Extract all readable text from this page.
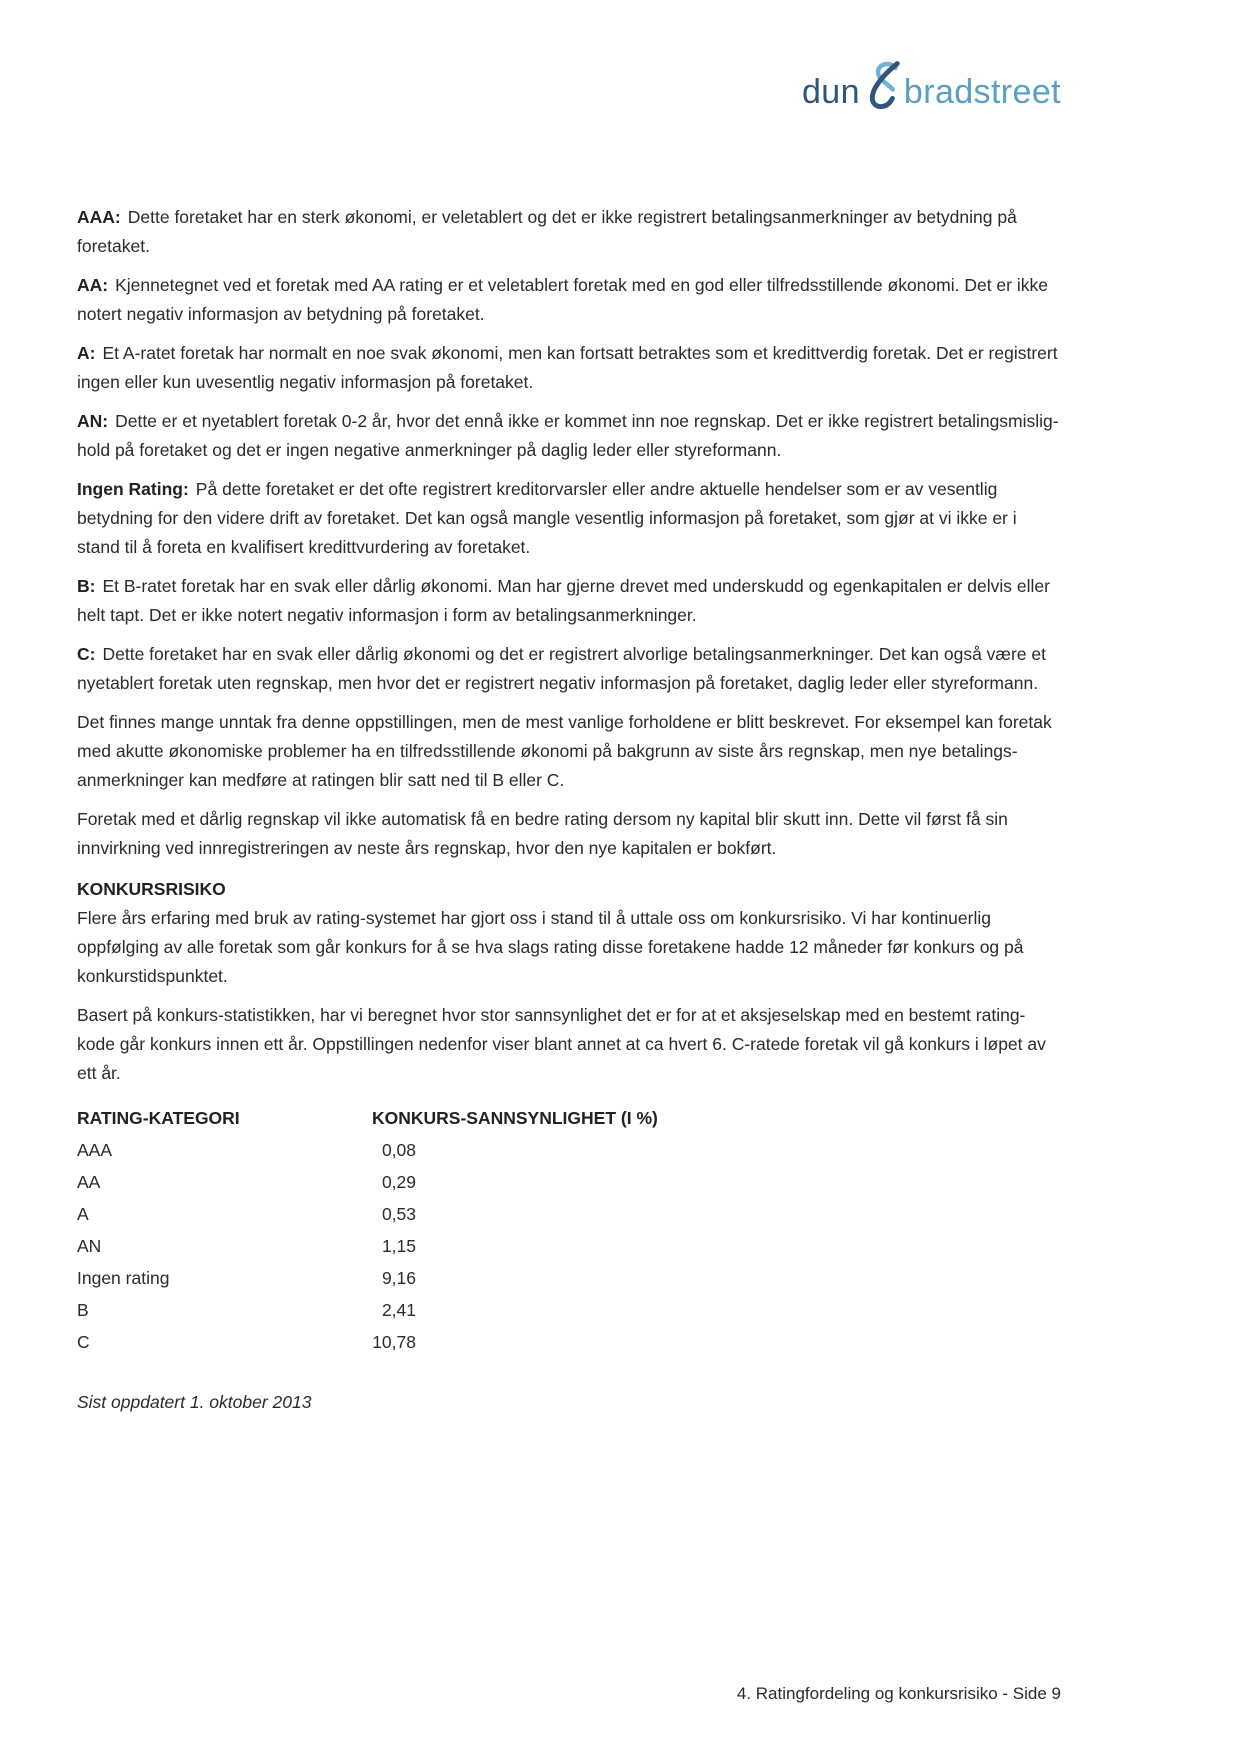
dun bradstreet

AAA: Dette foretaket har en sterk økonomi, er veletablert og det er ikke registrert betalingsanmerkninger av betydning på foretaket.

AA: Kjennetegnet ved et foretak med AA rating er et veletablert foretak med en god eller tilfredsstillende økonomi. Det er ikke notert negativ informasjon av betydning på foretaket.

A: Et A-ratet foretak har normalt en noe svak økonomi, men kan fortsatt betraktes som et kredittverdig foretak. Det er registrert ingen eller kun uvesentlig negativ informasjon på foretaket.

AN: Dette er et nyetablert foretak 0-2 år, hvor det ennå ikke er kommet inn noe regnskap. Det er ikke registrert betalingsmislig- hold på foretaket og det er ingen negative anmerkninger på daglig leder eller styreformann.

Ingen Rating: På dette foretaket er det ofte registrert kreditorvarsler eller andre aktuelle hendelser som er av vesentlig betydning for den videre drift av foretaket. Det kan også mangle vesentlig informasjon på foretaket, som gjør at vi ikke er i stand til å foreta en kvalifisert kredittvurdering av foretaket.

B: Et B-ratet foretak har en svak eller dårlig økonomi. Man har gjerne drevet med underskudd og egenkapitalen er delvis eller helt tapt. Det er ikke notert negativ informasjon i form av betalingsanmerkninger.

C: Dette foretaket har en svak eller dårlig økonomi og det er registrert alvorlige betalingsanmerkninger. Det kan også være et nyetablert foretak uten regnskap, men hvor det er registrert negativ informasjon på foretaket, daglig leder eller styreformann.

Det finnes mange unntak fra denne oppstillingen, men de mest vanlige forholdene er blitt beskrevet. For eksempel kan foretak med akutte økonomiske problemer ha en tilfredsstillende økonomi på bakgrunn av siste års regnskap, men nye betalings- anmerkninger kan medføre at ratingen blir satt ned til B eller C.

Foretak med et dårlig regnskap vil ikke automatisk få en bedre rating dersom ny kapital blir skutt inn. Dette vil først få sin innvirkning ved innregistreringen av neste års regnskap, hvor den nye kapitalen er bokført.

KONKURSRISIKO

Flere års erfaring med bruk av rating-systemet har gjort oss i stand til å uttale oss om konkursrisiko. Vi har kontinuerlig oppfølging av alle foretak som går konkurs for å se hva slags rating disse foretakene hadde 12 måneder før konkurs og på konkurstidspunktet.

Basert på konkurs-statistikken, har vi beregnet hvor stor sannsynlighet det er for at et aksjeselskap med en bestemt rating-kode går konkurs innen ett år. Oppstillingen nedenfor viser blant annet at ca hvert 6. C-ratede foretak vil gå konkurs i løpet av ett år.

RATING-KATEGORI	KONKURS-SANNSYNLIGHET (I %)
AAA	0,08
AA	0,29
A	0,53
AN	1,15
Ingen rating	9,16
B	2,41
C	10,78
Sist oppdatert 1. oktober 2013
4. Ratingfordeling og konkursrisiko - Side 9
